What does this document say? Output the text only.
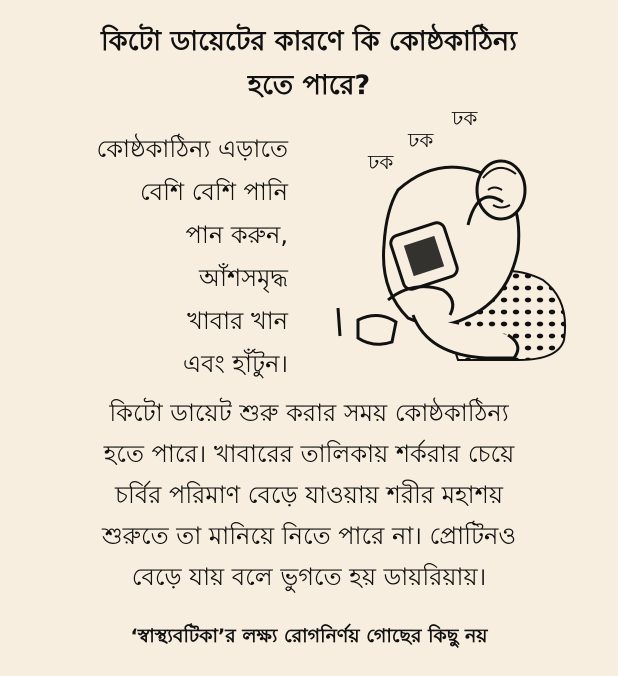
কিটো ডায়েটের কারণে কি কোষ্ঠকাঠিন্য
হতে পারে?
কোষ্ঠকাঠিন্য এড়াতে
বেশি বেশি পানি
পান করুন,
আঁশসমৃদ্ধ
খাবার খান
এবং হাঁটুন।
ঢক
ঢক
ঢক
কিটো ডায়েট শুরু করার সময় কোষ্ঠকাঠিন্য
হতে পারে। খাবারের তালিকায় শর্করার চেয়ে
চর্বির পরিমাণ বেড়ে যাওয়ায় শরীর মহাশয়
শুরুতে তা মানিয়ে নিতে পারে না। প্রোটিনও
বেড়ে যায় বলে ভুগতে হয় ডায়রিয়ায়।
‘স্বাস্থ্যবটিকা’র লক্ষ্য রোগনির্ণয় গোছের কিছু নয়
